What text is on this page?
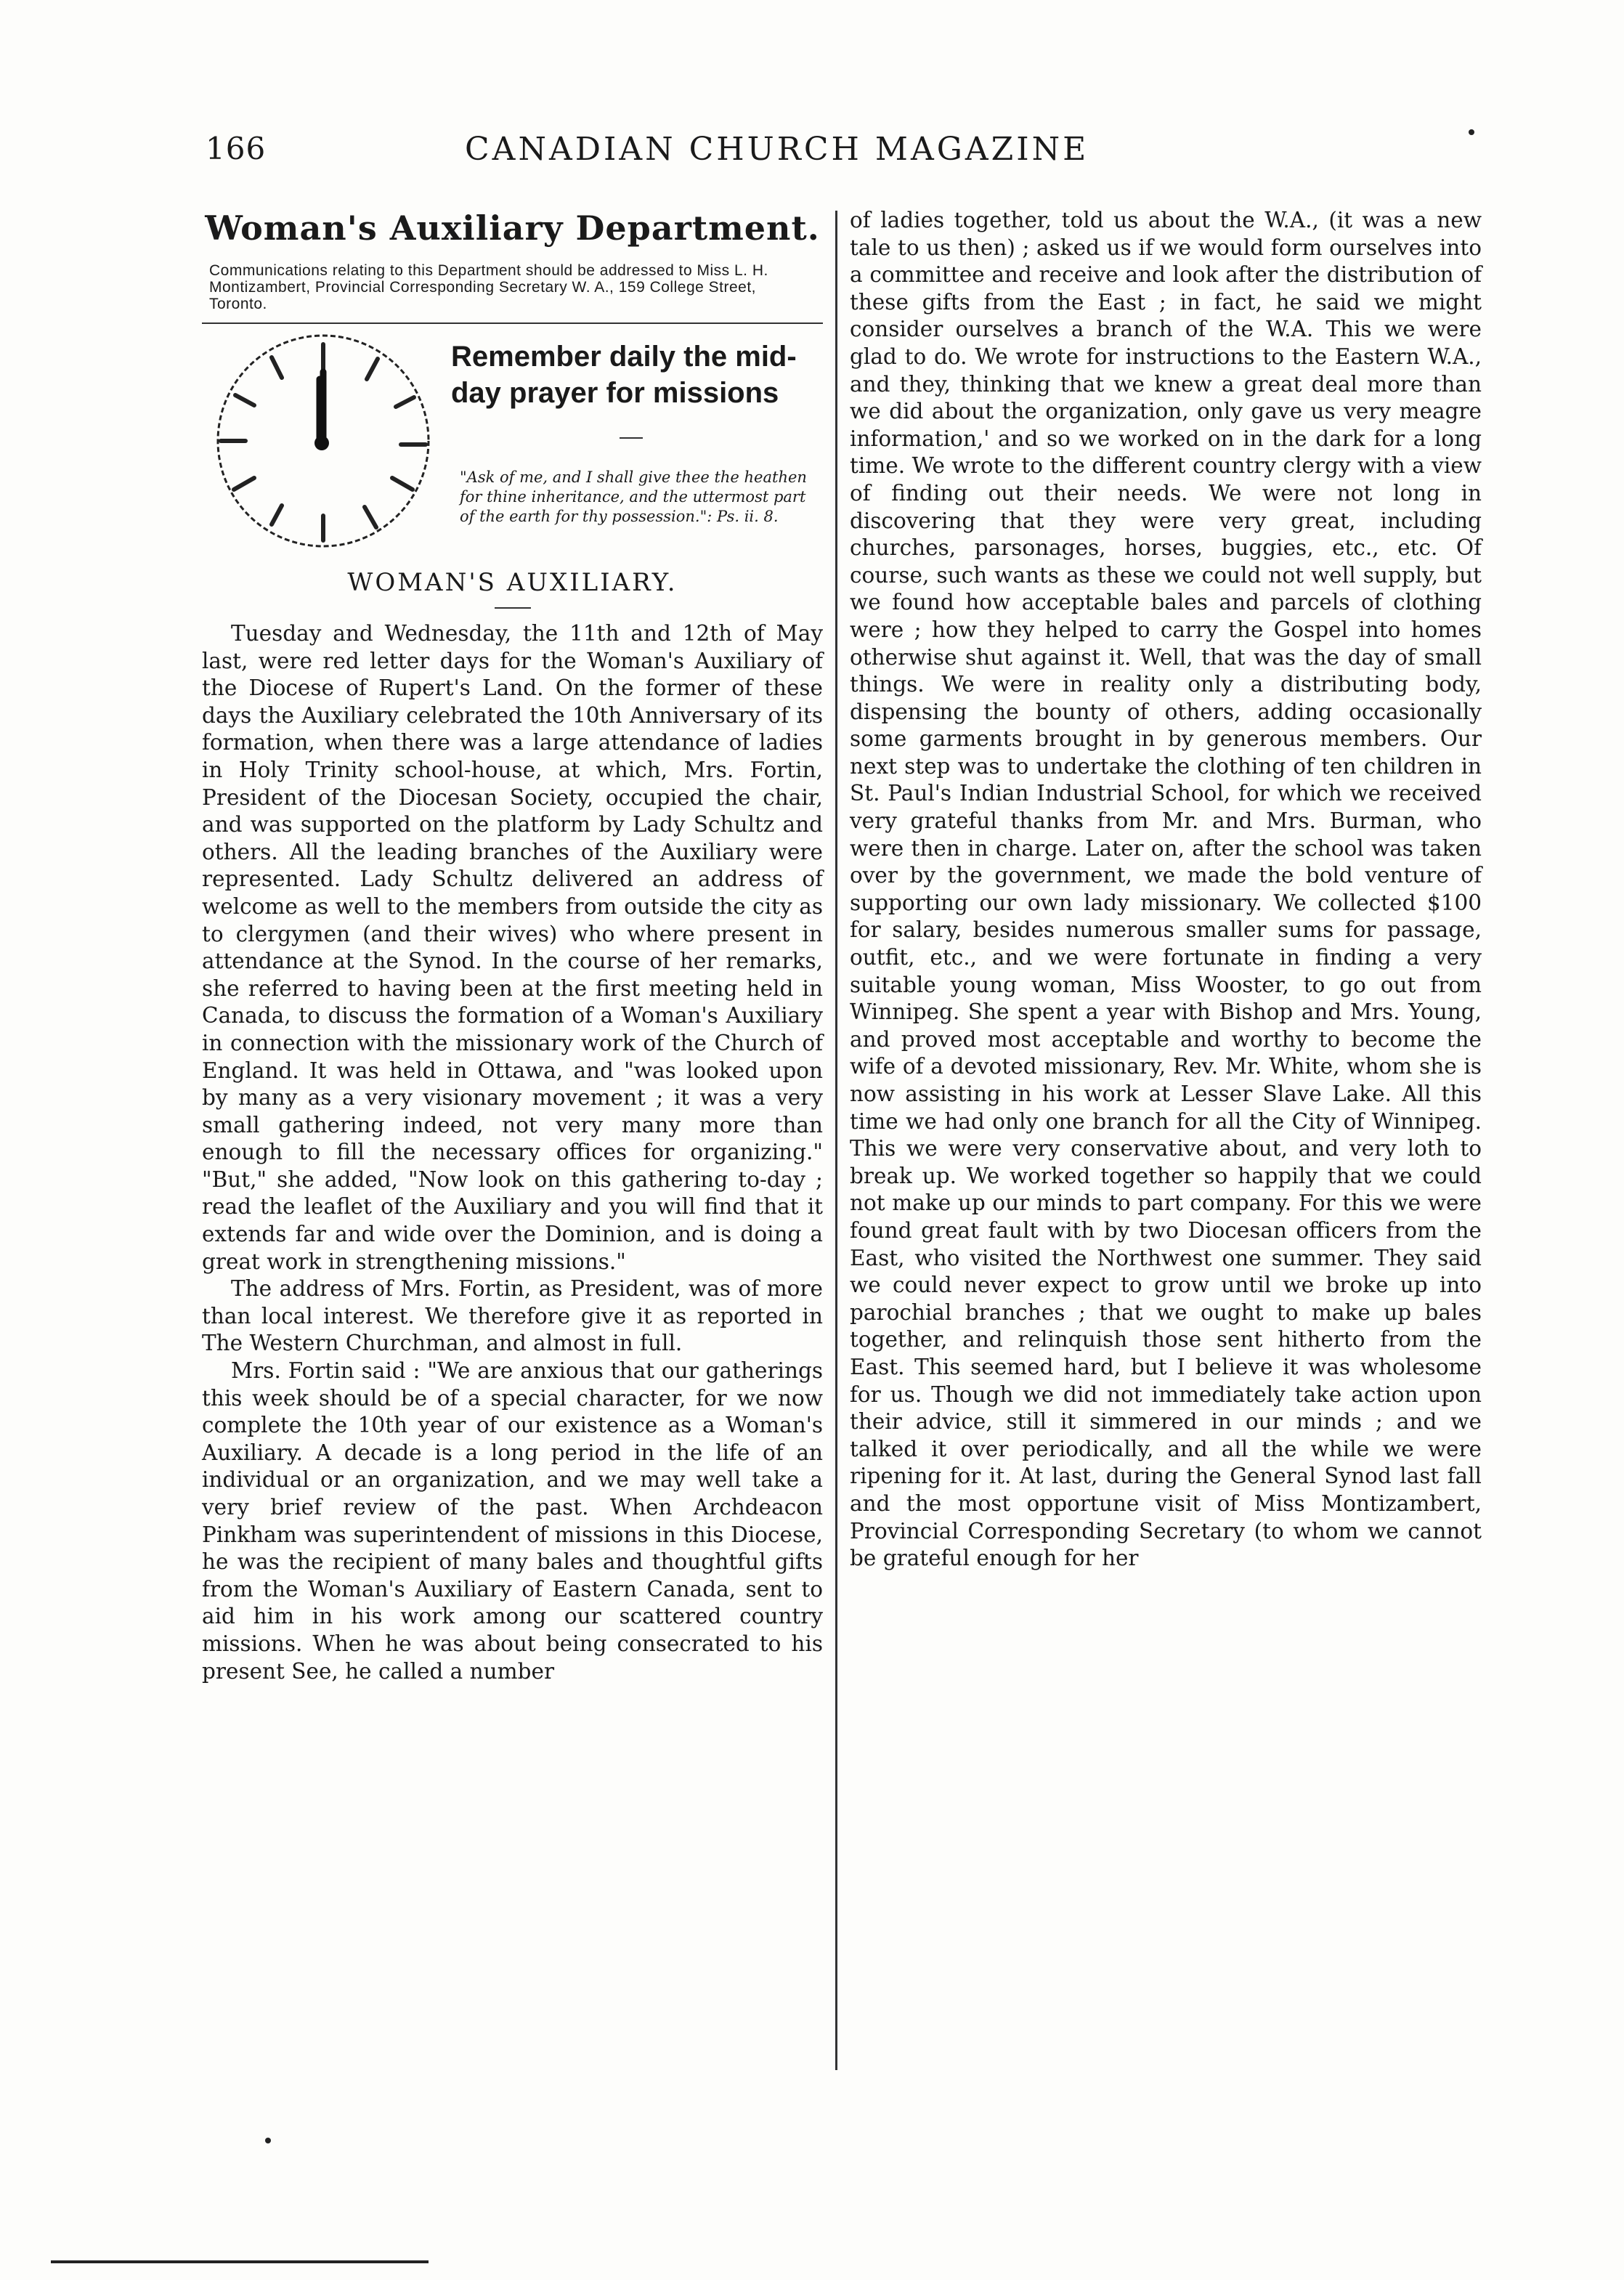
166	CANADIAN CHURCH MAGAZINE
Woman's Auxiliary Department.
Communications relating to this Department should be addressed to Miss L. H. Montizambert, Provincial Corresponding Secretary W. A., 159 College Street, Toronto.
Remember daily the mid-day prayer for missions
"Ask of me, and I shall give thee the heathen for thine inheritance, and the uttermost part of the earth for thy possession.": Ps. ii. 8.
WOMAN'S AUXILIARY.

Tuesday and Wednesday, the 11th and 12th of May last, were red letter days for the Woman's Auxiliary of the Diocese of Rupert's Land. On the former of these days the Auxiliary celebrated the 10th Anniversary of its formation, when there was a large attendance of ladies in Holy Trinity school-house, at which, Mrs. Fortin, President of the Diocesan Society, occupied the chair, and was supported on the platform by Lady Schultz and others. All the leading branches of the Auxiliary were represented. Lady Schultz delivered an address of welcome as well to the members from outside the city as to clergymen (and their wives) who where present in attendance at the Synod. In the course of her remarks, she referred to having been at the first meeting held in Canada, to discuss the formation of a Woman's Auxiliary in connection with the missionary work of the Church of England. It was held in Ottawa, and "was looked upon by many as a very visionary movement ; it was a very small gathering indeed, not very many more than enough to fill the necessary offices for organizing." "But," she added, "Now look on this gathering to-day ; read the leaflet of the Auxiliary and you will find that it extends far and wide over the Dominion, and is doing a great work in strengthening missions."

The address of Mrs. Fortin, as President, was of more than local interest. We therefore give it as reported in The Western Churchman, and almost in full.

Mrs. Fortin said : "We are anxious that our gatherings this week should be of a special character, for we now complete the 10th year of our existence as a Woman's Auxiliary. A decade is a long period in the life of an individual or an organization, and we may well take a very brief review of the past. When Archdeacon Pinkham was superintendent of missions in this Diocese, he was the recipient of many bales and thoughtful gifts from the Woman's Auxiliary of Eastern Canada, sent to aid him in his work among our scattered country missions. When he was about being consecrated to his present See, he called a number

of ladies together, told us about the W.A., (it was a new tale to us then) ; asked us if we would form ourselves into a committee and receive and look after the distribution of these gifts from the East ; in fact, he said we might consider ourselves a branch of the W.A. This we were glad to do. We wrote for instructions to the Eastern W.A., and they, thinking that we knew a great deal more than we did about the organization, only gave us very meagre information,' and so we worked on in the dark for a long time. We wrote to the different country clergy with a view of finding out their needs. We were not long in discovering that they were very great, including churches, parsonages, horses, buggies, etc., etc. Of course, such wants as these we could not well supply, but we found how acceptable bales and parcels of clothing were ; how they helped to carry the Gospel into homes otherwise shut against it. Well, that was the day of small things. We were in reality only a distributing body, dispensing the bounty of others, adding occasionally some garments brought in by generous members. Our next step was to undertake the clothing of ten children in St. Paul's Indian Industrial School, for which we received very grateful thanks from Mr. and Mrs. Burman, who were then in charge. Later on, after the school was taken over by the government, we made the bold venture of supporting our own lady missionary. We collected $100 for salary, besides numerous smaller sums for passage, outfit, etc., and we were fortunate in finding a very suitable young woman, Miss Wooster, to go out from Winnipeg. She spent a year with Bishop and Mrs. Young, and proved most acceptable and worthy to become the wife of a devoted missionary, Rev. Mr. White, whom she is now assisting in his work at Lesser Slave Lake. All this time we had only one branch for all the City of Winnipeg. This we were very conservative about, and very loth to break up. We worked together so happily that we could not make up our minds to part company. For this we were found great fault with by two Diocesan officers from the East, who visited the Northwest one summer. They said we could never expect to grow until we broke up into parochial branches ; that we ought to make up bales together, and relinquish those sent hitherto from the East. This seemed hard, but I believe it was wholesome for us. Though we did not immediately take action upon their advice, still it simmered in our minds ; and we talked it over periodically, and all the while we were ripening for it. At last, during the General Synod last fall and the most opportune visit of Miss Montizambert, Provincial Corresponding Secretary (to whom we cannot be grateful enough for her
